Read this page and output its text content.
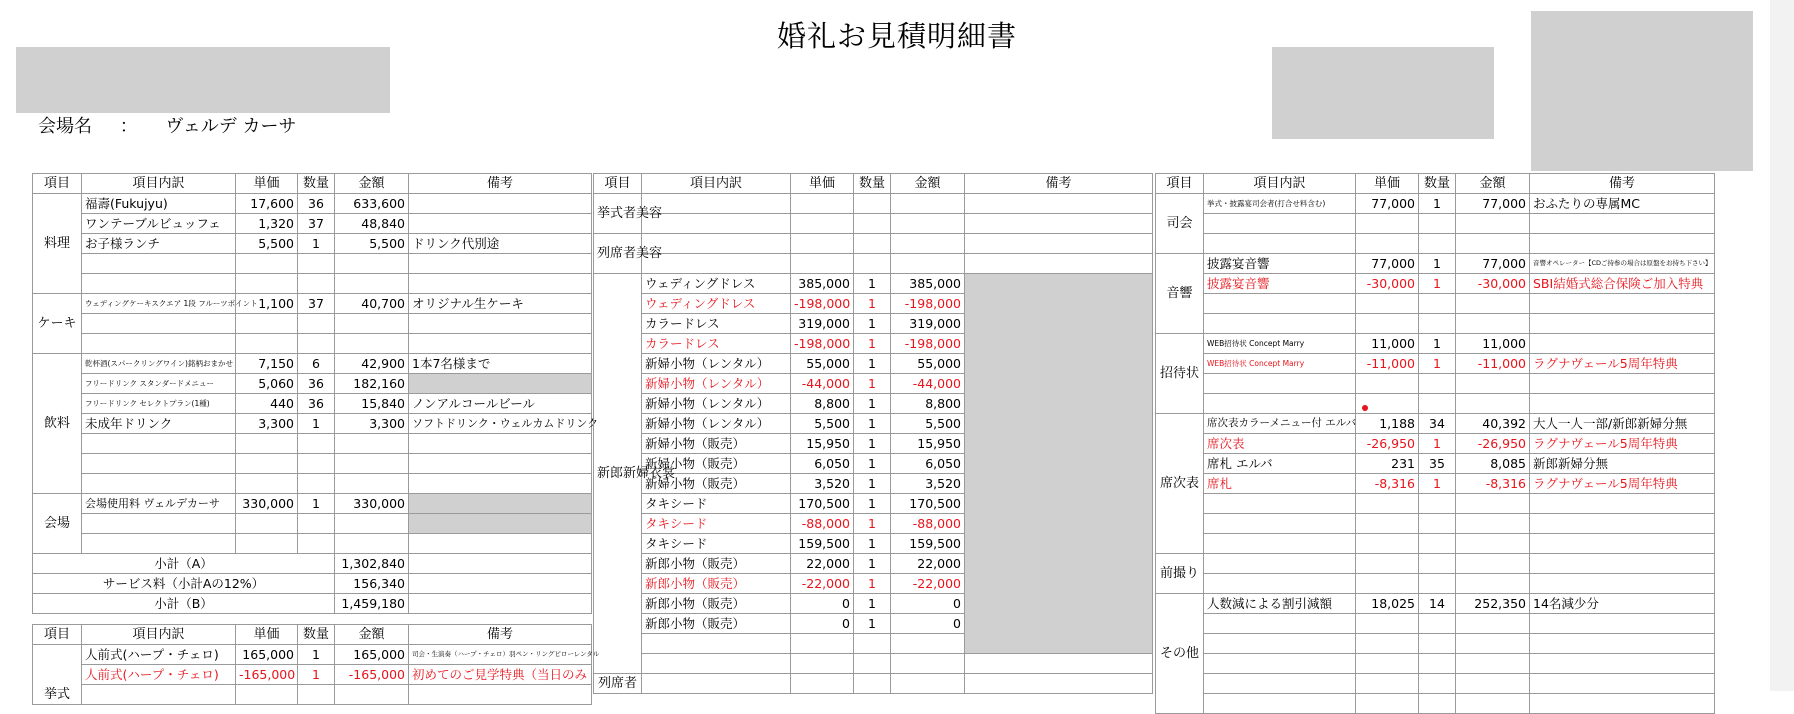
婚礼お見積明細書
会場名 ： ヴェルデ カーサ
項目	項目内訳	単価	数量	金額	備考
料理	福壽(Fukujyu)	17,600	36	633,600	
	ワンテーブルビュッフェ	1,320	37	48,840	
	お子様ランチ	5,500	1	5,500	ドリンク代別途

ケーキ	ウェディングケーキスクエア 1段 フルーツポイント	1,100	37	40,700	オリジナル生ケーキ

飲料	乾杯酒(スパークリングワイン)銘柄おまかせ	7,150	6	42,900	1本7名様まで
	フリードリンク スタンダードメニュー	5,060	36	182,160	
	フリードリンク セレクトプラン(1種)	440	36	15,840	ノンアルコールビール
	未成年ドリンク	3,300	1	3,300	ソフトドリンク・ウェルカムドリンク

会場	会場使用料 ヴェルデカーサ	330,000	1	330,000	

小計（A）				1,302,840	
サービス料（小計Aの12%）				156,340	
小計（B）				1,459,180	
項目	項目内訳	単価	数量	金額	備考
挙式	人前式(ハープ・チェロ)	165,000	1	165,000	司会・生演奏（ハープ・チェロ）羽ペン・リングピローレンタル
	人前式(ハープ・チェロ)	-165,000	1	-165,000	初めてのご見学特典（当日のみ

項目	項目内訳	単価	数量	金額	備考
挙式者美容					

列席者美容					

新郎新婦衣裳	ウェディングドレス	385,000	1	385,000	
	ウェディングドレス	-198,000	1	-198,000	
	カラードレス	319,000	1	319,000	
	カラードレス	-198,000	1	-198,000	
	新婦小物（レンタル）	55,000	1	55,000	
	新婦小物（レンタル）	-44,000	1	-44,000	
	新婦小物（レンタル）	8,800	1	8,800	
	新婦小物（レンタル）	5,500	1	5,500	
	新婦小物（販売）	15,950	1	15,950	
	新婦小物（販売）	6,050	1	6,050	
	新婦小物（販売）	3,520	1	3,520	
	タキシード	170,500	1	170,500	
	タキシード	-88,000	1	-88,000	
	タキシード	159,500	1	159,500	
	新郎小物（販売）	22,000	1	22,000	
	新郎小物（販売）	-22,000	1	-22,000	
	新郎小物（販売）	0	1	0	
	新郎小物（販売）	0	1	0	

列席者					
項目	項目内訳	単価	数量	金額	備考
司会	挙式・披露宴司会者(打合せ料含む)	77,000	1	77,000	おふたりの専属MC

音響	披露宴音響	77,000	1	77,000	音響オペレーター【CDご持参の場合は原盤をお持ち下さい】
	披露宴音響	-30,000	1	-30,000	SBI結婚式総合保険ご加入特典

招待状	WEB招待状 Concept Marry	11,000	1	11,000	
	WEB招待状 Concept Marry	-11,000	1	-11,000	ラグナヴェール5周年特典

席次表	席次表カラーメニュー付 エルバ	1,188	34	40,392	大人一人一部/新郎新婦分無
	席次表	-26,950	1	-26,950	ラグナヴェール5周年特典
	席札 エルバ	231	35	8,085	新郎新婦分無
	席札	-8,316	1	-8,316	ラグナヴェール5周年特典

前撮り					

その他	人数減による割引減額	18,025	14	252,350	14名減少分
